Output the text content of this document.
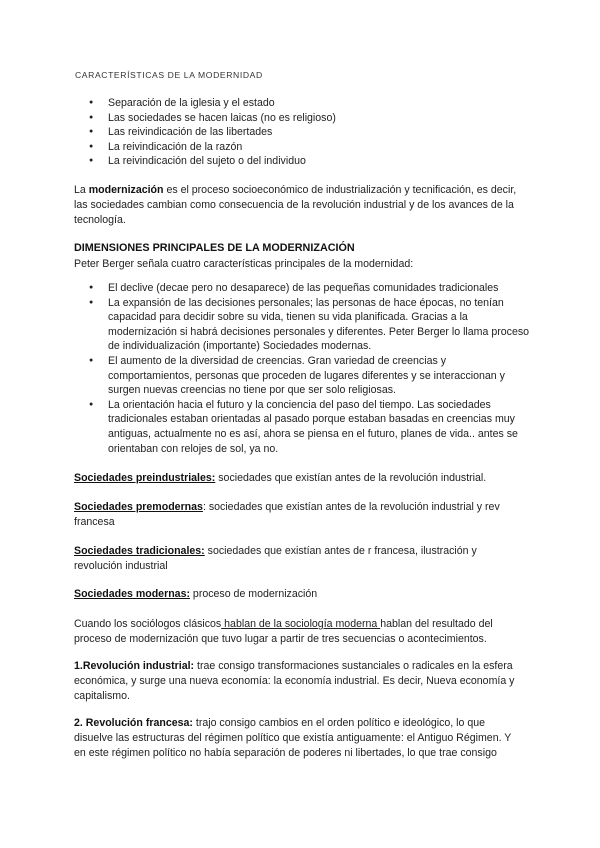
CARACTERÍSTICAS DE LA MODERNIDAD
● Separación de la iglesia y el estado
● Las sociedades se hacen laicas (no es religioso)
● Las reivindicación de las libertades
● La reivindicación de la razón
● La reivindicación del sujeto o del individuo

La modernización es el proceso socioeconómico de industrialización y tecnificación, es decir, las sociedades cambian como consecuencia de la revolución industrial y de los avances de la tecnología.

DIMENSIONES PRINCIPALES DE LA MODERNIZACIÓN

Peter Berger señala cuatro características principales de la modernidad:

● El declive (decae pero no desaparece) de las pequeñas comunidades tradicionales
● La expansión de las decisiones personales; las personas de hace épocas, no tenían capacidad para decidir sobre su vida, tienen su vida planificada. Gracias a la modernización si habrá decisiones personales y diferentes. Peter Berger lo llama proceso de individualización (importante) Sociedades modernas.
● El aumento de la diversidad de creencias. Gran variedad de creencias y comportamientos, personas que proceden de lugares diferentes y se interaccionan y surgen nuevas creencias no tiene por que ser solo religiosas.
● La orientación hacia el futuro y la conciencia del paso del tiempo. Las sociedades tradicionales estaban orientadas al pasado porque estaban basadas en creencias muy antiguas, actualmente no es así, ahora se piensa en el futuro, planes de vida.. antes se orientaban con relojes de sol, ya no.

Sociedades preindustriales: sociedades que existían antes de la revolución industrial.

Sociedades premodernas: sociedades que existían antes de la revolución industrial y rev francesa

Sociedades tradicionales: sociedades que existían antes de r francesa, ilustración y revolución industrial

Sociedades modernas: proceso de modernización

Cuando los sociólogos clásicos hablan de la sociología moderna hablan del resultado del proceso de modernización que tuvo lugar a partir de tres secuencias o acontecimientos.

1.Revolución industrial: trae consigo transformaciones sustanciales o radicales en la esfera económica, y surge una nueva economía: la economía industrial. Es decir, Nueva economía y capitalismo.

2. Revolución francesa: trajo consigo cambios en el orden político e ideológico, lo que disuelve las estructuras del régimen político que existía antiguamente: el Antiguo Régimen. Y en este régimen político no había separación de poderes ni libertades, lo que trae consigo
